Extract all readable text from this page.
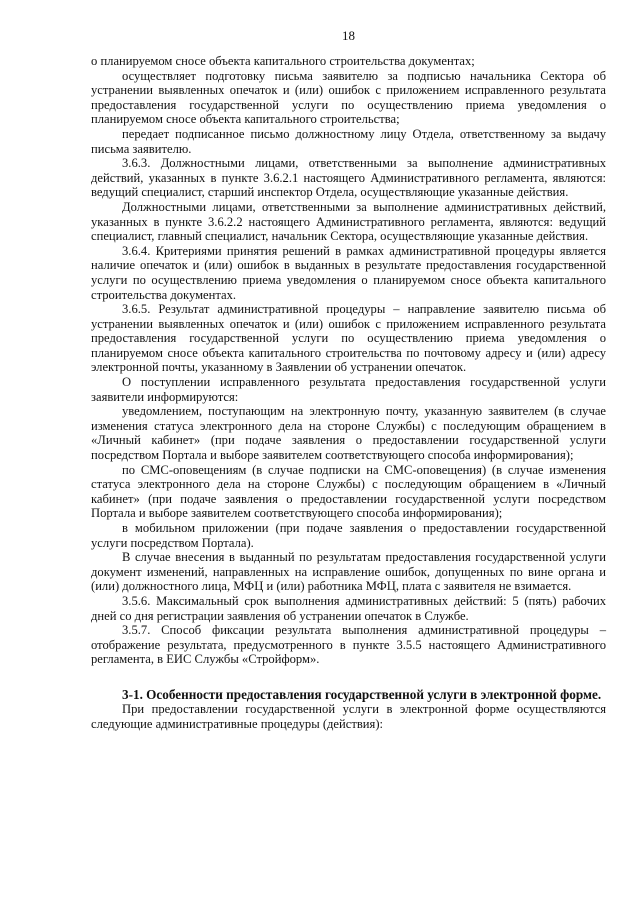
18

о планируемом сносе объекта капитального строительства документах;

осуществляет подготовку письма заявителю за подписью начальника Сектора об устранении выявленных опечаток и (или) ошибок с приложением исправленного результата предоставления государственной услуги по осуществлению приема уведомления о планируемом сносе объекта капитального строительства;

передает подписанное письмо должностному лицу Отдела, ответственному за выдачу письма заявителю.

3.6.3. Должностными лицами, ответственными за выполнение административных действий, указанных в пункте 3.6.2.1 настоящего Административного регламента, являются: ведущий специалист, старший инспектор Отдела, осуществляющие указанные действия.

Должностными лицами, ответственными за выполнение административных действий, указанных в пункте 3.6.2.2 настоящего Административного регламента, являются: ведущий специалист, главный специалист, начальник Сектора, осуществляющие указанные действия.

3.6.4. Критериями принятия решений в рамках административной процедуры является наличие опечаток и (или) ошибок в выданных в результате предоставления государственной услуги по осуществлению приема уведомления о планируемом сносе объекта капитального строительства документах.

3.6.5. Результат административной процедуры – направление заявителю письма об устранении выявленных опечаток и (или) ошибок с приложением исправленного результата предоставления государственной услуги по осуществлению приема уведомления о планируемом сносе объекта капитального строительства по почтовому адресу и (или) адресу электронной почты, указанному в Заявлении об устранении опечаток.

О поступлении исправленного результата предоставления государственной услуги заявители информируются:

уведомлением, поступающим на электронную почту, указанную заявителем (в случае изменения статуса электронного дела на стороне Службы) с последующим обращением в «Личный кабинет» (при подаче заявления о предоставлении государственной услуги посредством Портала и выборе заявителем соответствующего способа информирования);

по СМС-оповещениям (в случае подписки на СМС-оповещения) (в случае изменения статуса электронного дела на стороне Службы) с последующим обращением в «Личный кабинет» (при подаче заявления о предоставлении государственной услуги посредством Портала и выборе заявителем соответствующего способа информирования);

в мобильном приложении (при подаче заявления о предоставлении государственной услуги посредством Портала).

В случае внесения в выданный по результатам предоставления государственной услуги документ изменений, направленных на исправление ошибок, допущенных по вине органа и (или) должностного лица, МФЦ и (или) работника МФЦ, плата с заявителя не взимается.

3.5.6. Максимальный срок выполнения административных действий: 5 (пять) рабочих дней со дня регистрации заявления об устранении опечаток в Службе.

3.5.7. Способ фиксации результата выполнения административной процедуры – отображение результата, предусмотренного в пункте 3.5.5 настоящего Административного регламента, в ЕИС Службы «Стройформ».

3-1. Особенности предоставления государственной услуги в электронной форме.

При предоставлении государственной услуги в электронной форме осуществляются следующие административные процедуры (действия):
